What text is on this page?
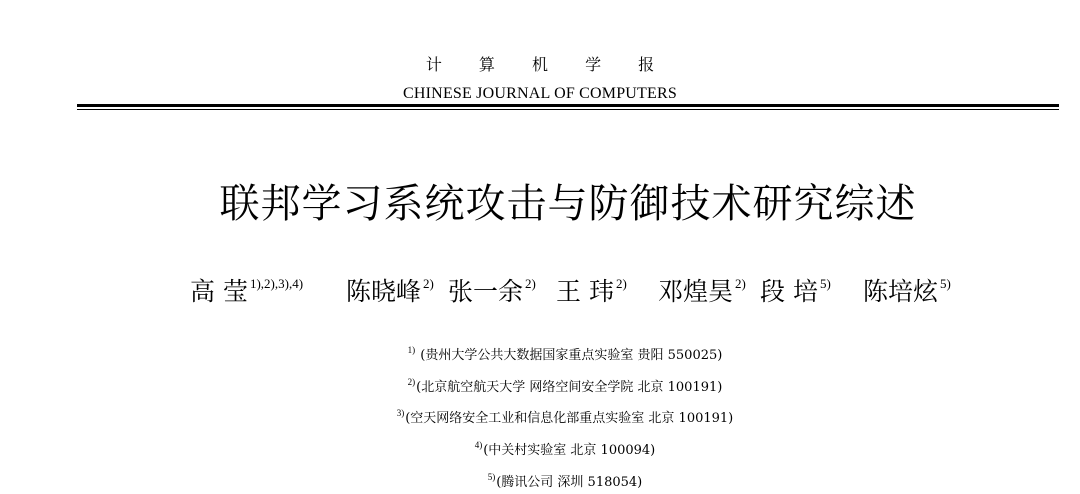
计 算 机 学 报
CHINESE JOURNAL OF COMPUTERS
联邦学习系统攻击与防御技术研究综述
高 莹 $^{1),2),3),4)}$ 陈晓峰 $^{2)}$ 张一余 $^{2)}$ 王 玮 $^{2)}$ 邓煌昊 $^{2)}$ 段 培 $^{5)}$ 陈培炫 $^{5)}$
$^{1)}$ (贵州大学公共大数据国家重点实验室 贵阳 550025)
$^{2)}$(北京航空航天大学 网络空间安全学院 北京 100191)
$^{3)}$(空天网络安全工业和信息化部重点实验室 北京 100191)
$^{4)}$(中关村实验室 北京 100094)
$^{5)}$(腾讯公司 深圳 518054)
